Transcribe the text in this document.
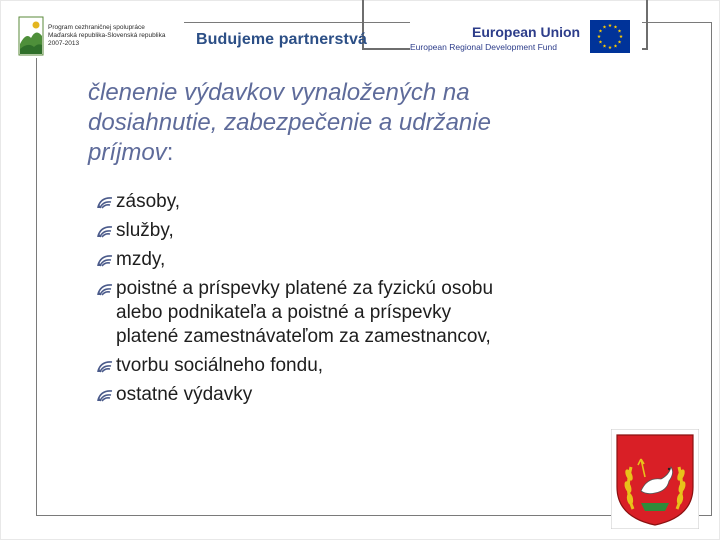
Program cezhraničnej spolupráce
Maďarská republika-Slovenská republika
2007-2013	Budujeme partnerstvá	European Union
European Regional Development Fund
členenie výdavkov vynaložených na
dosiahnutie, zabezpečenie a udržanie
príjmov:
zásoby,
služby,
mzdy,
poistné a príspevky platené za fyzickú osobu
alebo podnikateľa a poistné a príspevky
platené zamestnávateľom za zamestnancov,
tvorbu sociálneho fondu,
ostatné výdavky
